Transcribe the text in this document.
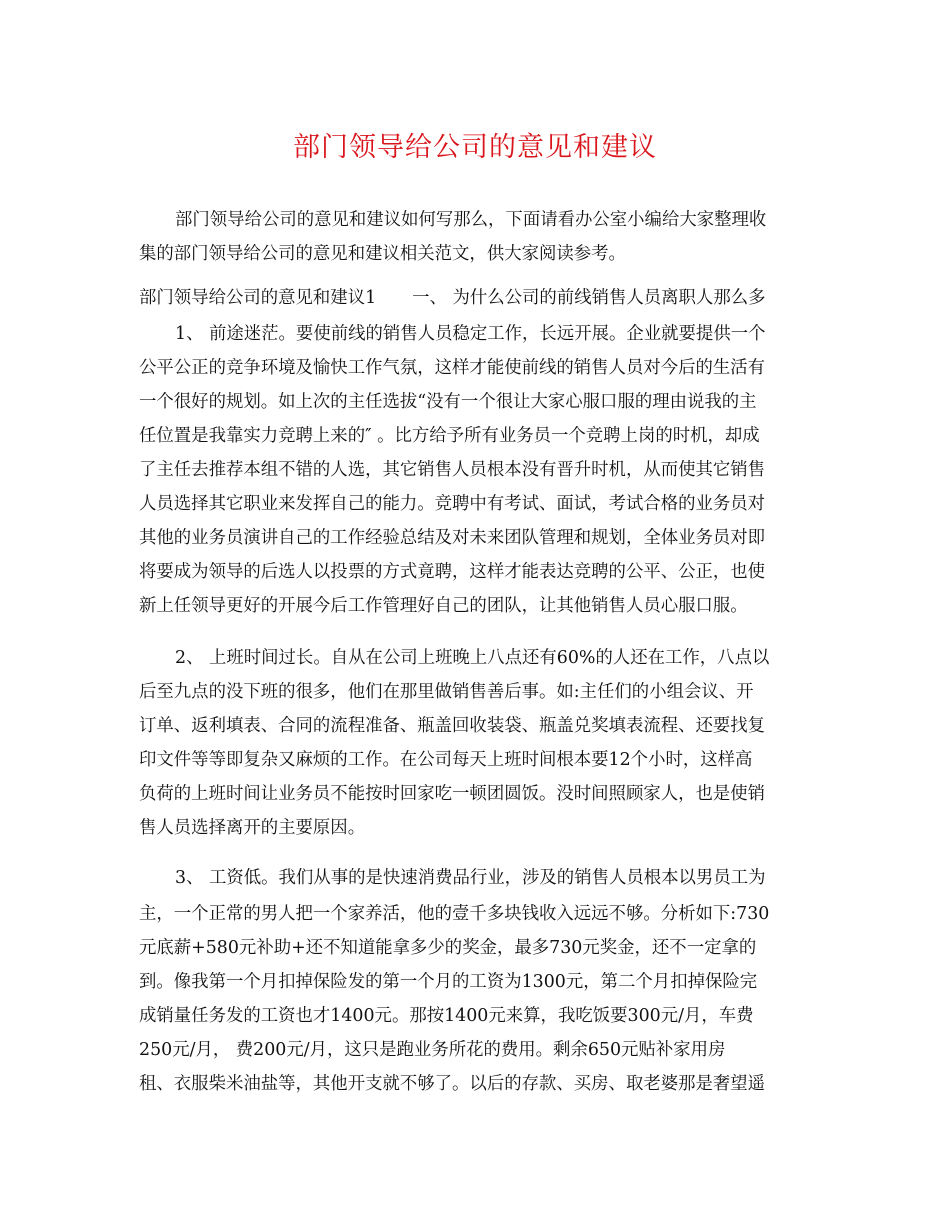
部门领导给公司的意见和建议
部门领导给公司的意见和建议如何写那么，下面请看办公室小编给大家整理收
集的部门领导给公司的意见和建议相关范文，供大家阅读参考。
部门领导给公司的意见和建议1 一、 为什么公司的前线销售人员离职人那么多
1、 前途迷茫。要使前线的销售人员稳定工作，长远开展。企业就要提供一个
公平公正的竞争环境及愉快工作气氛，这样才能使前线的销售人员对今后的生活有
一个很好的规划。如上次的主任选拔“没有一个很让大家心服口服的理由说我的主
任位置是我靠实力竞聘上来的″ 。比方给予所有业务员一个竞聘上岗的时机，却成
了主任去推荐本组不错的人选，其它销售人员根本没有晋升时机，从而使其它销售
人员选择其它职业来发挥自己的能力。竞聘中有考试、面试，考试合格的业务员对
其他的业务员演讲自己的工作经验总结及对未来团队管理和规划，全体业务员对即
将要成为领导的后选人以投票的方式竟聘，这样才能表达竞聘的公平、公正，也使
新上任领导更好的开展今后工作管理好自己的团队，让其他销售人员心服口服。
2、 上班时间过长。自从在公司上班晚上八点还有60%的人还在工作，八点以
后至九点的没下班的很多，他们在那里做销售善后事。如:主任们的小组会议、开
订单、返利填表、合同的流程准备、瓶盖回收装袋、瓶盖兑奖填表流程、还要找复
印文件等等即复杂又麻烦的工作。在公司每天上班时间根本要12个小时，这样高
负荷的上班时间让业务员不能按时回家吃一顿团圆饭。没时间照顾家人，也是使销
售人员选择离开的主要原因。
3、 工资低。我们从事的是快速消费品行业，涉及的销售人员根本以男员工为
主，一个正常的男人把一个家养活，他的壹千多块钱收入远远不够。分析如下:730
元底薪+580元补助+还不知道能拿多少的奖金，最多730元奖金，还不一定拿的
到。像我第一个月扣掉保险发的第一个月的工资为1300元，第二个月扣掉保险完
成销量任务发的工资也才1400元。那按1400元来算，我吃饭要300元/月，车费
250元/月， 费200元/月，这只是跑业务所花的费用。剩余650元贴补家用房
租、衣服柴米油盐等，其他开支就不够了。以后的存款、买房、取老婆那是奢望遥
